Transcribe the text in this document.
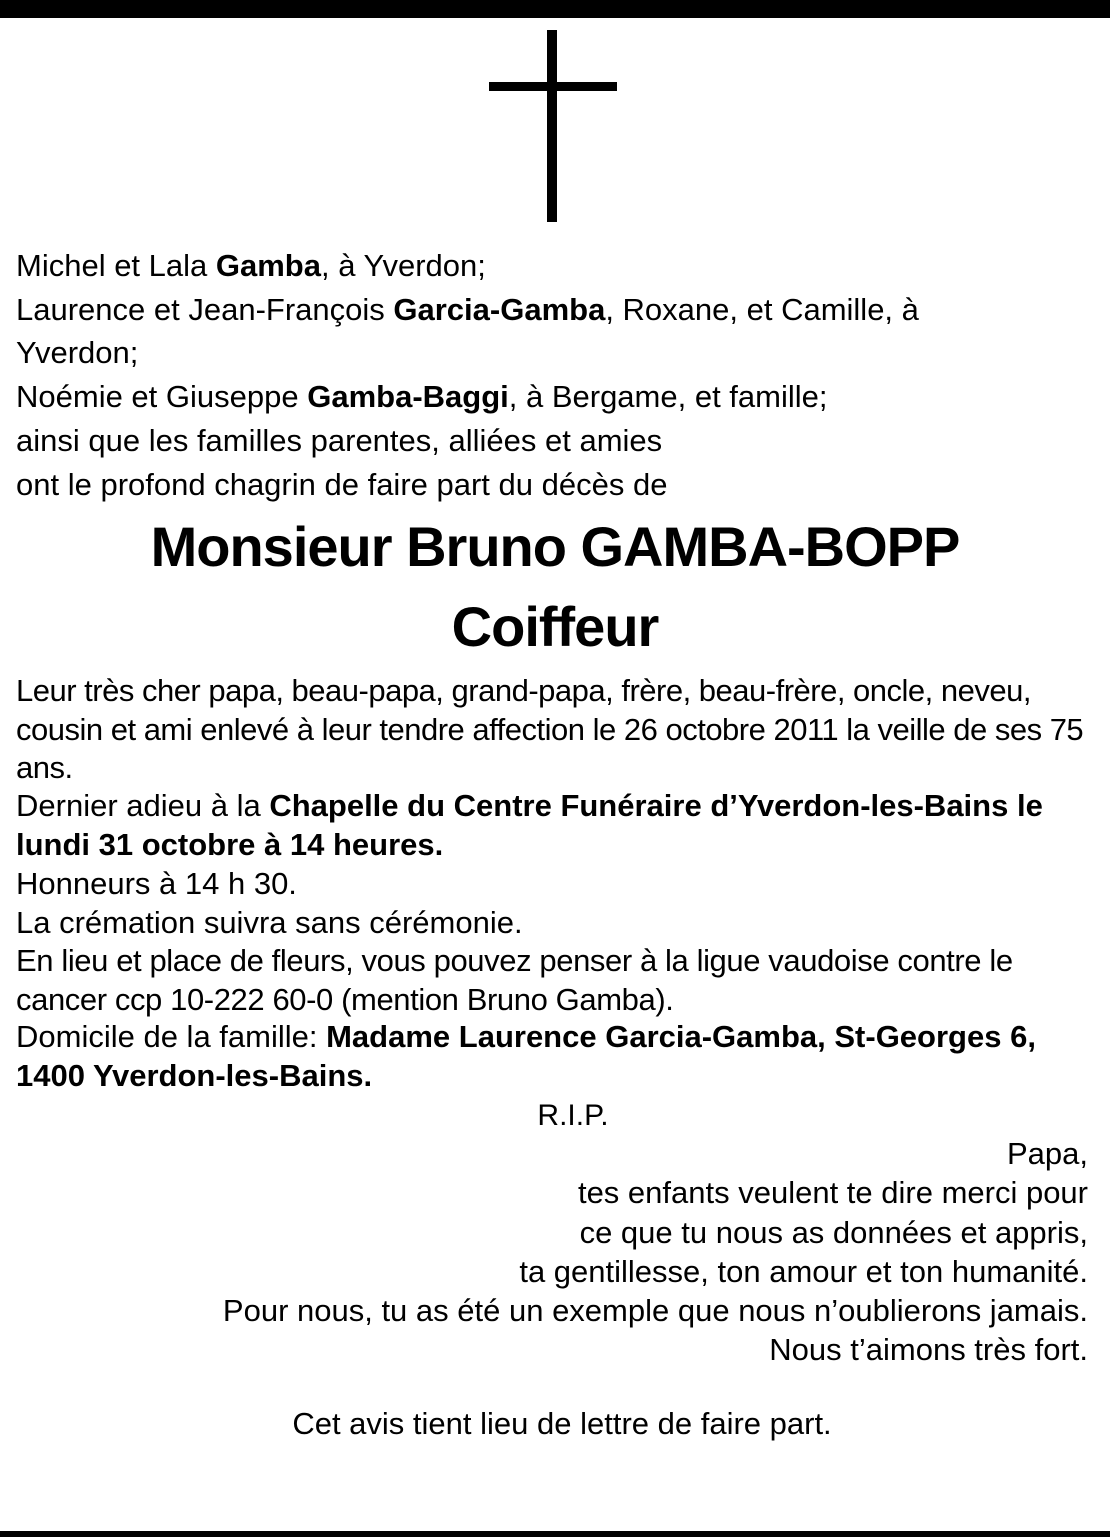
Michel et Lala Gamba, à Yverdon;
Laurence et Jean-François Garcia-Gamba, Roxane, et Camille, à
Yverdon;
Noémie et Giuseppe Gamba-Baggi, à Bergame, et famille;
ainsi que les familles parentes, alliées et amies
ont le profond chagrin de faire part du décès de
Monsieur Bruno GAMBA-BOPP
Coiffeur
Leur très cher papa, beau-papa, grand-papa, frère, beau-frère, oncle, neveu, cousin et ami enlevé à leur tendre affection le 26 octobre 2011 la veille de ses 75 ans.
Dernier adieu à la Chapelle du Centre Funéraire d’Yverdon-les-Bains le lundi 31 octobre à 14 heures.
Honneurs à 14 h 30.
La crémation suivra sans cérémonie.
En lieu et place de fleurs, vous pouvez penser à la ligue vaudoise contre le cancer ccp 10-222 60-0 (mention Bruno Gamba).
Domicile de la famille: Madame Laurence Garcia-Gamba, St-Georges 6, 1400 Yverdon-les-Bains.
R.I.P.
Papa,
tes enfants veulent te dire merci pour
ce que tu nous as données et appris,
ta gentillesse, ton amour et ton humanité.
Pour nous, tu as été un exemple que nous n’oublierons jamais.
Nous t’aimons très fort.
Cet avis tient lieu de lettre de faire part.
